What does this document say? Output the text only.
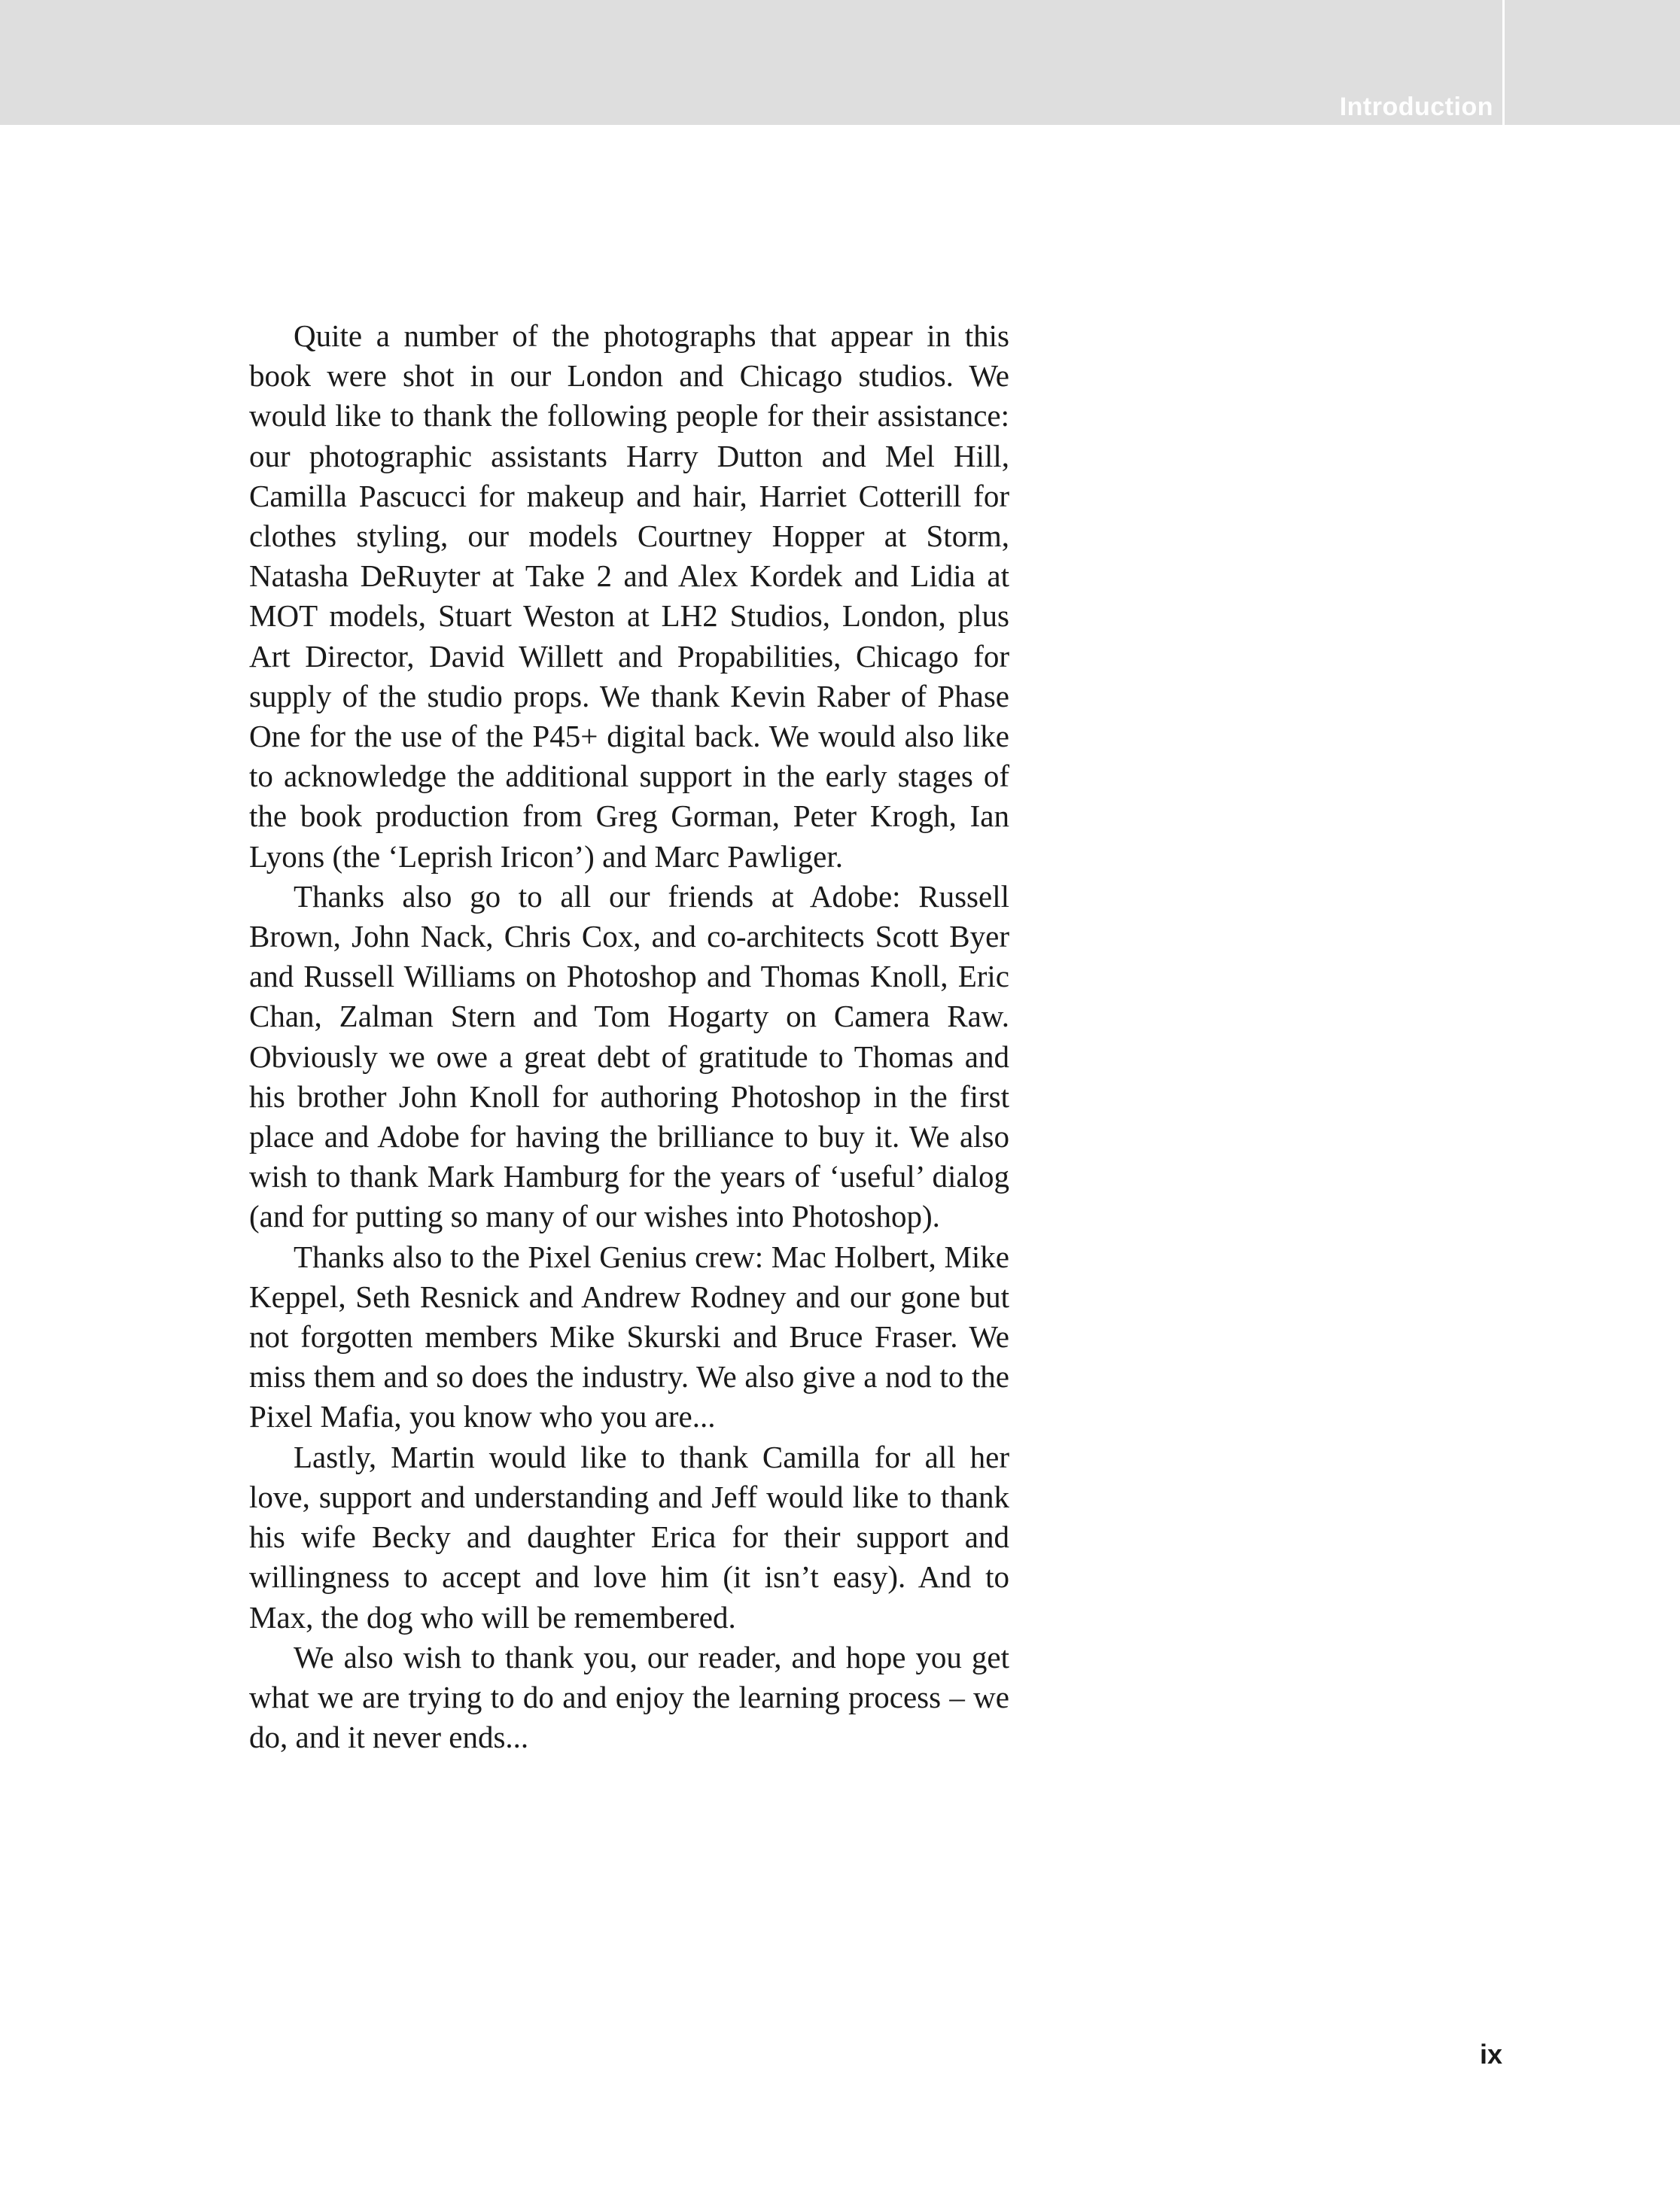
Introduction

Quite a number of the photographs that appear in this book were shot in our London and Chicago studios. We would like to thank the following people for their assistance: our photographic assistants Harry Dutton and Mel Hill, Camilla Pascucci for makeup and hair, Harriet Cotterill for clothes styling, our models Courtney Hopper at Storm, Natasha DeRuyter at Take 2 and Alex Kordek and Lidia at MOT models, Stuart Weston at LH2 Studios, London, plus Art Director, David Willett and Propabilities, Chicago for supply of the studio props. We thank Kevin Raber of Phase One for the use of the P45+ digital back. We would also like to acknowledge the additional support in the early stages of the book production from Greg Gorman, Peter Krogh, Ian Lyons (the ‘Leprish Iricon’) and Marc Pawliger.

Thanks also go to all our friends at Adobe: Russell Brown, John Nack, Chris Cox, and co-architects Scott Byer and Russell Williams on Photoshop and Thomas Knoll, Eric Chan, Zalman Stern and Tom Hogarty on Camera Raw. Obviously we owe a great debt of gratitude to Thomas and his brother John Knoll for authoring Photoshop in the first place and Adobe for having the brilliance to buy it. We also wish to thank Mark Hamburg for the years of ‘useful’ dialog (and for putting so many of our wishes into Photoshop).

Thanks also to the Pixel Genius crew: Mac Holbert, Mike Keppel, Seth Resnick and Andrew Rodney and our gone but not forgotten members Mike Skurski and Bruce Fraser. We miss them and so does the industry. We also give a nod to the Pixel Mafia, you know who you are...

Lastly, Martin would like to thank Camilla for all her love, support and understanding and Jeff would like to thank his wife Becky and daughter Erica for their support and willingness to accept and love him (it isn’t easy). And to Max, the dog who will be remembered.

We also wish to thank you, our reader, and hope you get what we are trying to do and enjoy the learning process – we do, and it never ends...

ix
